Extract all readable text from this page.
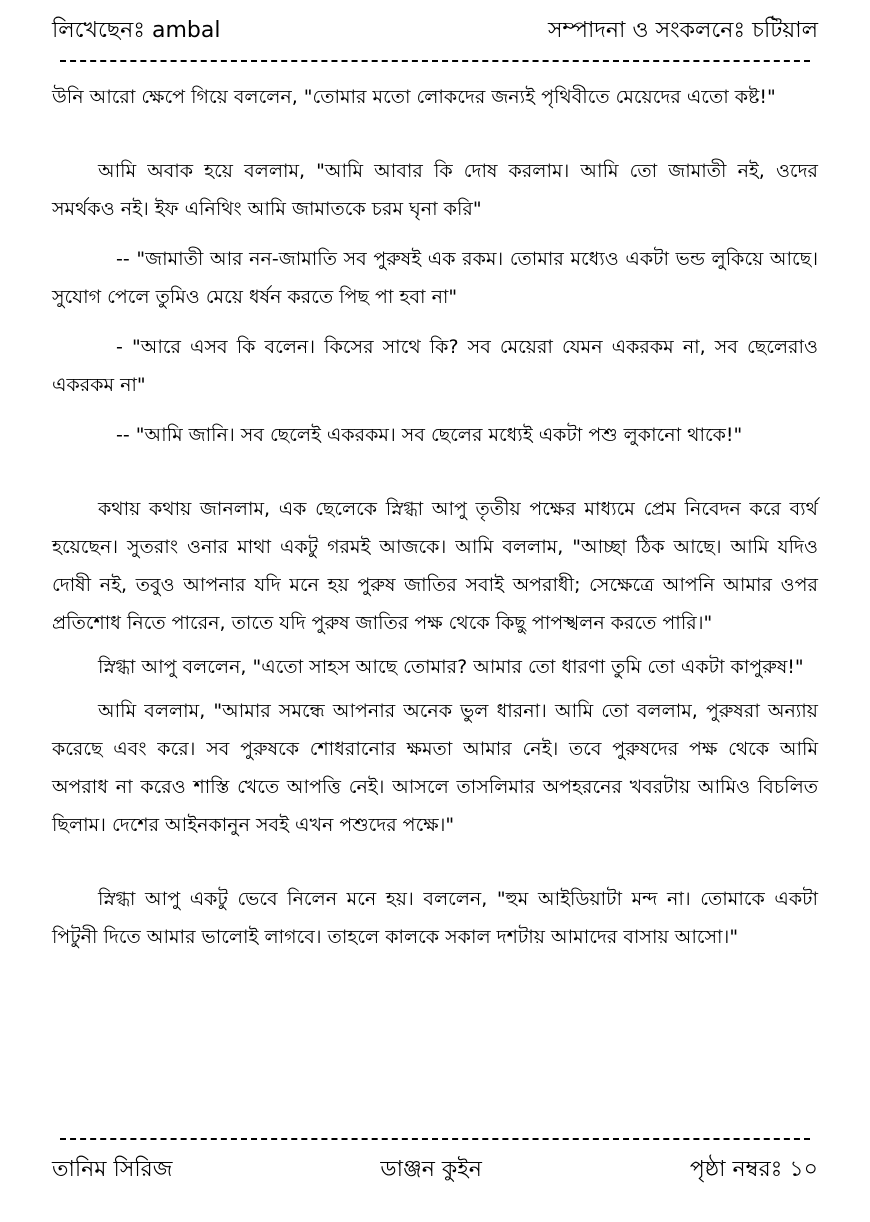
লিখেছেনঃ ambal	সম্পাদনা ও সংকলনেঃ চটিয়াল

উনি আরো ক্ষেপে গিয়ে বললেন, "তোমার মতো লোকদের জন্যই পৃথিবীতে মেয়েদের এতো কষ্ট!"

আমি অবাক হয়ে বললাম, "আমি আবার কি দোষ করলাম। আমি তো জামাতী নই, ওদের সমর্থকও নই। ইফ এনিথিং আমি জামাতকে চরম ঘৃনা করি"

-- "জামাতী আর নন-জামাতি সব পুরুষই এক রকম। তোমার মধ্যেও একটা ভন্ড লুকিয়ে আছে। সুযোগ পেলে তুমিও মেয়ে ধর্ষন করতে পিছ পা হবা না"

- "আরে এসব কি বলেন। কিসের সাথে কি? সব মেয়েরা যেমন একরকম না, সব ছেলেরাও একরকম না"

-- "আমি জানি। সব ছেলেই একরকম। সব ছেলের মধ্যেই একটা পশু লুকানো থাকে!"

কথায় কথায় জানলাম, এক ছেলেকে স্নিগ্ধা আপু তৃতীয় পক্ষের মাধ্যমে প্রেম নিবেদন করে ব্যর্থ হয়েছেন। সুতরাং ওনার মাথা একটু গরমই আজকে। আমি বললাম, "আচ্ছা ঠিক আছে। আমি যদিও দোষী নই, তবুও আপনার যদি মনে হয় পুরুষ জাতির সবাই অপরাধী; সেক্ষেত্রে আপনি আমার ওপর প্রতিশোধ নিতে পারেন, তাতে যদি পুরুষ জাতির পক্ষ থেকে কিছু পাপস্খলন করতে পারি।"

স্নিগ্ধা আপু বললেন, "এতো সাহস আছে তোমার? আমার তো ধারণা তুমি তো একটা কাপুরুষ!"

আমি বললাম, "আমার সমন্ধে আপনার অনেক ভুল ধারনা। আমি তো বললাম, পুরুষরা অন্যায় করেছে এবং করে। সব পুরুষকে শোধরানোর ক্ষমতা আমার নেই। তবে পুরুষদের পক্ষ থেকে আমি অপরাধ না করেও শাস্তি খেতে আপত্তি নেই। আসলে তাসলিমার অপহরনের খবরটায় আমিও বিচলিত ছিলাম। দেশের আইনকানুন সবই এখন পশুদের পক্ষে।"

স্নিগ্ধা আপু একটু ভেবে নিলেন মনে হয়। বললেন, "হুম আইডিয়াটা মন্দ না। তোমাকে একটা পিটুনী দিতে আমার ভালোই লাগবে। তাহলে কালকে সকাল দশটায় আমাদের বাসায় আসো।"

তানিম সিরিজ	ডাঞ্জন কুইন	পৃষ্ঠা নম্বরঃ ১০
